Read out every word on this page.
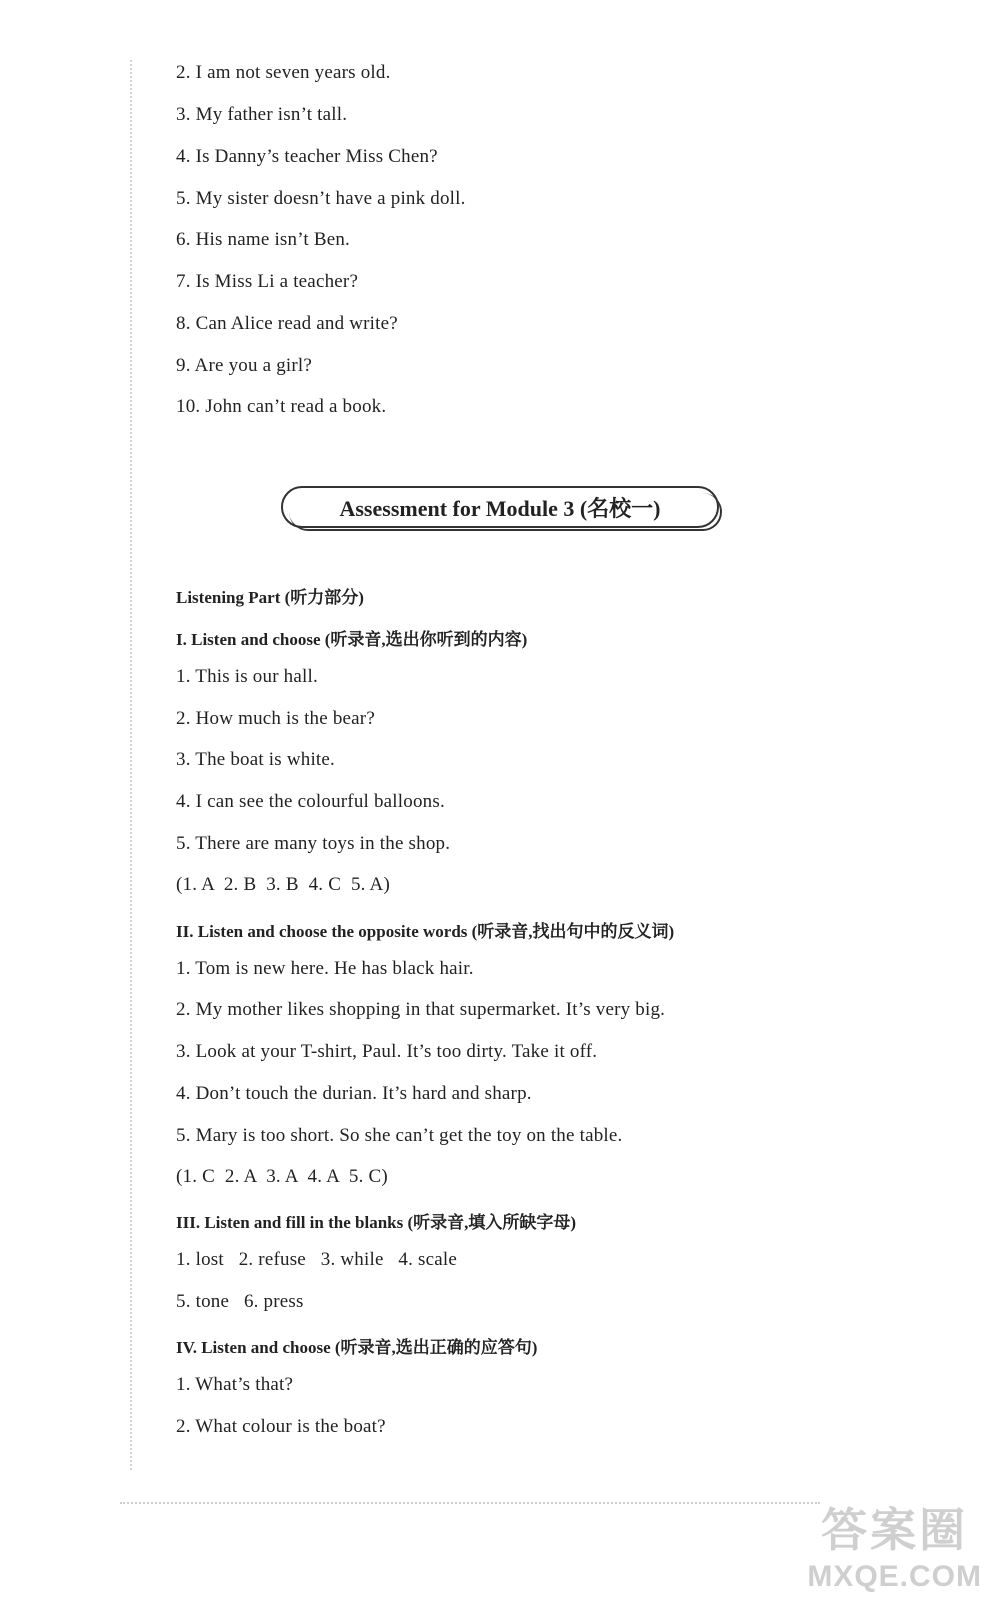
2. I am not seven years old.
3. My father isn’t tall.
4. Is Danny’s teacher Miss Chen?
5. My sister doesn’t have a pink doll.
6. His name isn’t Ben.
7. Is Miss Li a teacher?
8. Can Alice read and write?
9. Are you a girl?
10. John can’t read a book.
Assessment for Module 3 (名校一)
Listening Part (听力部分)
I. Listen and choose (听录音,选出你听到的内容)
1. This is our hall.
2. How much is the bear?
3. The boat is white.
4. I can see the colourful balloons.
5. There are many toys in the shop.
(1. A  2. B  3. B  4. C  5. A)
II. Listen and choose the opposite words (听录音,找出句中的反义词)
1. Tom is new here. He has black hair.
2. My mother likes shopping in that supermarket. It’s very big.
3. Look at your T-shirt, Paul. It’s too dirty. Take it off.
4. Don’t touch the durian. It’s hard and sharp.
5. Mary is too short. So she can’t get the toy on the table.
(1. C  2. A  3. A  4. A  5. C)
III. Listen and fill in the blanks (听录音,填入所缺字母)
1. lost   2. refuse   3. while   4. scale
5. tone   6. press
IV. Listen and choose (听录音,选出正确的应答句)
1. What’s that?
2. What colour is the boat?
答案圈
MXQE.COM
